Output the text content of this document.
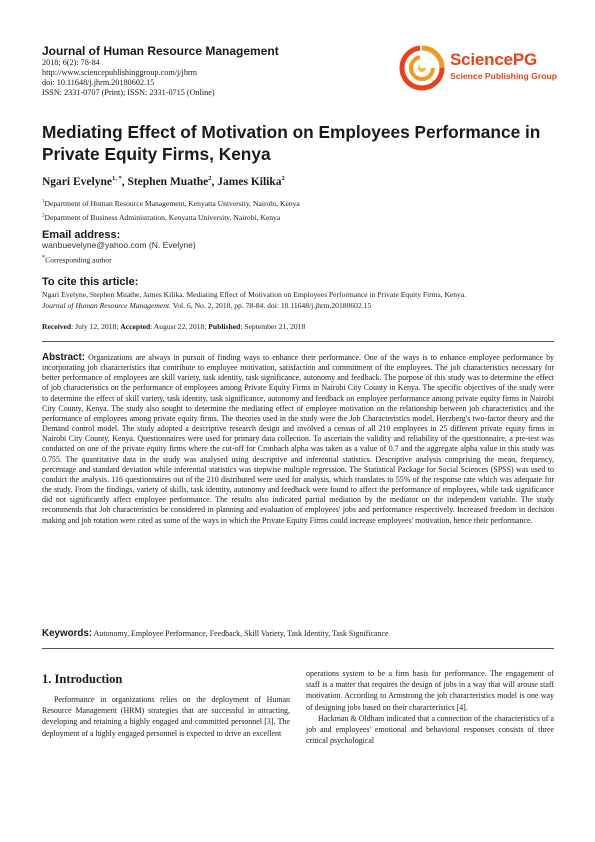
Journal of Human Resource Management
2018; 6(2): 78-84
http://www.sciencepublishinggroup.com/j/jhrm
doi: 10.11648/j.jhrm.20180602.15
ISSN: 2331-0707 (Print); ISSN: 2331-0715 (Online)
SciencePG
Science Publishing Group
Mediating Effect of Motivation on Employees Performance in Private Equity Firms, Kenya
Ngari Evelyne$^{1, *}$, Stephen Muathe$^2$, James Kilika$^2$
$^1$Department of Human Resource Management, Kenyatta University, Nairobi, Kenya
$^2$Department of Business Administration, Kenyatta University, Nairobi, Kenya
Email address:
wanbuevelyne@yahoo.com (N. Evelyne)
*Corresponding author
To cite this article:
Ngari Evelyne, Stephen Muathe, James Kilika. Mediating Effect of Motivation on Employees Performance in Private Equity Firms, Kenya.
Journal of Human Resource Management. Vol. 6, No. 2, 2018, pp. 78-84. doi: 10.11648/j.jhrm.20180602.15
Received: July 12, 2018; Accepted: August 22, 2018; Published: September 21, 2018
Abstract: Organizations are always in pursuit of finding ways to enhance their performance. One of the ways is to enhance employee performance by incorporating job characteristics that contribute to employee motivation, satisfaction and commitment of the employees. The job characteristics necessary for better performance of employees are skill variety, task identity, task significance, autonomy and feedback. The purpose of this study was to determine the effect of job characteristics on the performance of employees among Private Equity Firms in Nairobi City County in Kenya. The specific objectives of the study were to determine the effect of skill variety, task identity, task significance, autonomy and feedback on employee performance among private equity firms in Nairobi City County, Kenya. The study also sought to determine the mediating effect of employee motivation on the relationship between job characteristics and the performance of employees among private equity firms. The theories used in the study were the Job Characteristics model, Herzberg's two-factor theory and the Demand control model. The study adopted a descriptive research design and involved a census of all 210 employees in 25 different private equity firms in Nairobi City County, Kenya. Questionnaires were used for primary data collection. To ascertain the validity and reliability of the questionnaire, a pre-test was conducted on one of the private equity firms where the cut-off for Cronbach alpha was taken as a value of 0.7 and the aggregate alpha value in this study was 0.755. The quantitative data in the study was analysed using descriptive and inferential statistics. Descriptive analysis comprising the mean, frequency, percentage and standard deviation while inferential statistics was stepwise multiple regression. The Statistical Package for Social Sciences (SPSS) was used to conduct the analysis. 116 questionnaires out of the 210 distributed were used for analysis, which translates to 55% of the response rate which was adequate for the study. From the findings, variety of skills, task identity, autonomy and feedback were found to affect the performance of employees, while task significance did not significantly affect employee performance. The results also indicated partial mediation by the mediator on the independent variable. The study recommends that Job characteristics be considered in planning and evaluation of employees' jobs and performance respectively. Increased freedom in decision making and job rotation were cited as some of the ways in which the Private Equity Firms could increase employees' motivation, hence their performance.
Keywords: Autonomy, Employee Performance, Feedback, Skill Variety, Task Identity, Task Significance
1. Introduction

Performance in organizations relies on the deployment of Human Resource Management (HRM) strategies that are successful in attracting, developing and retaining a highly engaged and committed personnel [3]. The deployment of a highly engaged personnel is expected to drive an excellent

operations system to be a firm basis for performance. The engagement of staff is a matter that requires the design of jobs in a way that will arouse staff motivation. According to Armstrong the job characteristics model is one way of designing jobs based on their characteristics [4].

Hackman & Oldham indicated that a connection of the characteristics of a job and employees' emotional and behavioral responses consists of three critical psychological
